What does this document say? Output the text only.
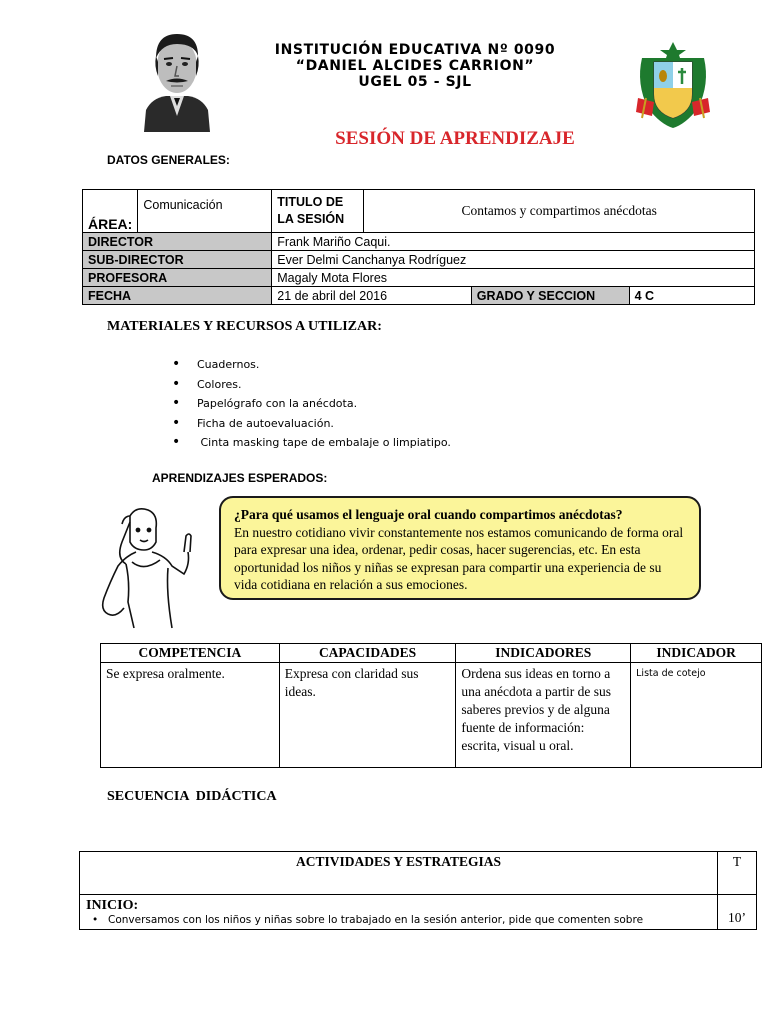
INSTITUCIÓN EDUCATIVA Nº 0090
“DANIEL ALCIDES CARRION”
UGEL 05 - SJL
SESIÓN DE APRENDIZAJE
DATOS GENERALES:
ÁREA:	Comunicación	TITULO DE LA SESIÓN	Contamos y compartimos anécdotas		
DIRECTOR		Frank Mariño Caqui.			
SUB-DIRECTOR		Ever Delmi Canchanya Rodríguez			
PROFESORA		Magaly Mota Flores			
FECHA		21 de abril del 2016		GRADO Y SECCION	4 C
MATERIALES Y RECURSOS A UTILIZAR:
• Cuadernos.
• Colores.
• Papelógrafo con la anécdota.
• Ficha de autoevaluación.
•  Cinta masking tape de embalaje o limpiatipo.
APRENDIZAJES ESPERADOS:
¿Para qué usamos el lenguaje oral cuando compartimos anécdotas?
En nuestro cotidiano vivir constantemente nos estamos comunicando de forma oral para expresar una idea, ordenar, pedir cosas, hacer sugerencias, etc. En esta oportunidad los niños y niñas se expresan para compartir una experiencia de su vida cotidiana en relación a sus emociones.
COMPETENCIA	CAPACIDADES	INDICADORES	INDICADOR
Se expresa oralmente.	Expresa con claridad sus ideas.	Ordena sus ideas en torno a una anécdota a partir de sus saberes previos y de alguna fuente de información: escrita, visual u oral.	Lista de cotejo
SECUENCIA  DIDÁCTICA
ACTIVIDADES Y ESTRATEGIAS	T

INICIO:
• Conversamos con los niños y niñas sobre lo trabajado en la sesión anterior, pide que comenten sobre	10’
